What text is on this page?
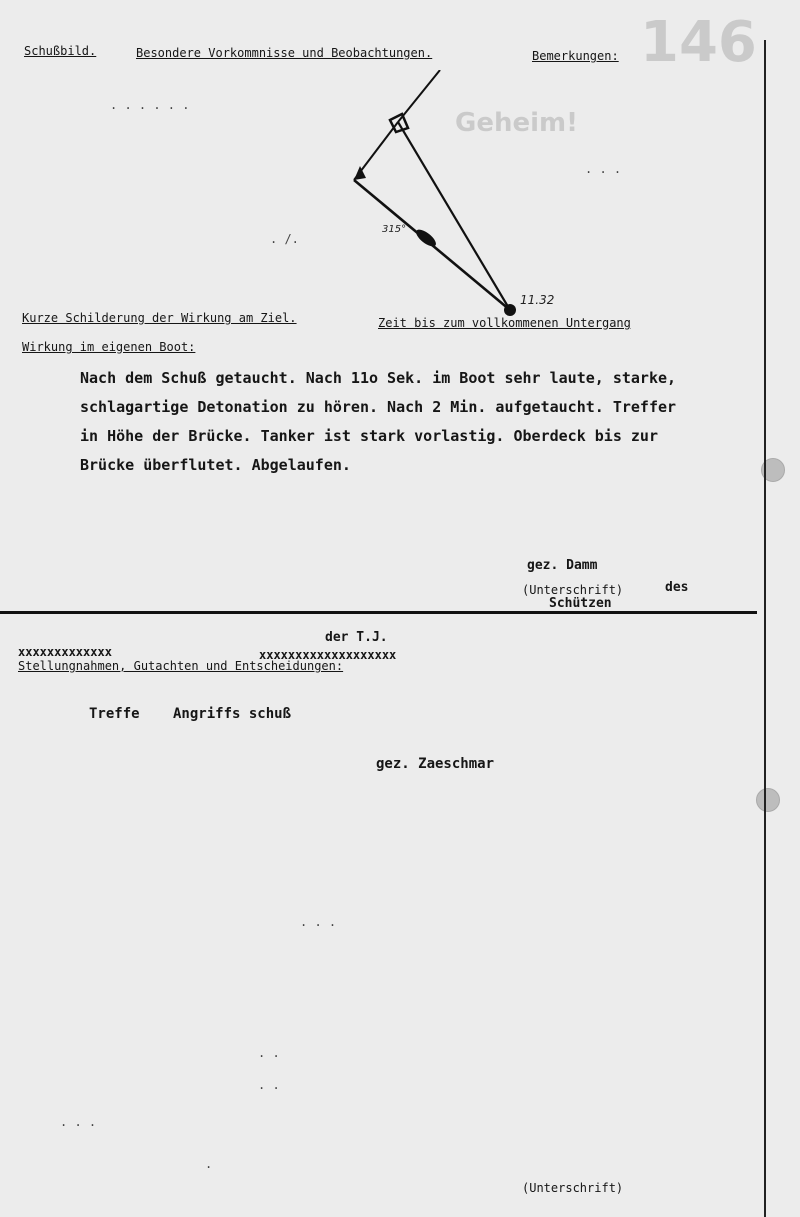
Geheim!
146
Schußbild.	Besondere Vorkommnisse und Beobachtungen.	Bemerkungen:
. . . . . .
. . .
. /.
315°
11.32
Kurze Schilderung der Wirkung am Ziel.	Zeit bis zum vollkommenen Untergang
Wirkung im eigenen Boot:
Nach dem Schuß getaucht. Nach 11o Sek. im Boot sehr laute, starke,
schlagartige Detonation zu hören. Nach 2 Min. aufgetaucht. Treffer
in Höhe der Brücke. Tanker ist stark vorlastig. Oberdeck bis zur
Brücke überflutet. Abgelaufen.
gez. Damm
(Unterschrift)	des
Schützen
der T.J.
xxxxxxxxxxxxx	xxxxxxxxxxxxxxxxxxx
Stellungnahmen, Gutachten und Entscheidungen:
Treffe Angriffs schuß
gez. Zaeschmar
. . .
. .
. .
. . .
.
(Unterschrift)
